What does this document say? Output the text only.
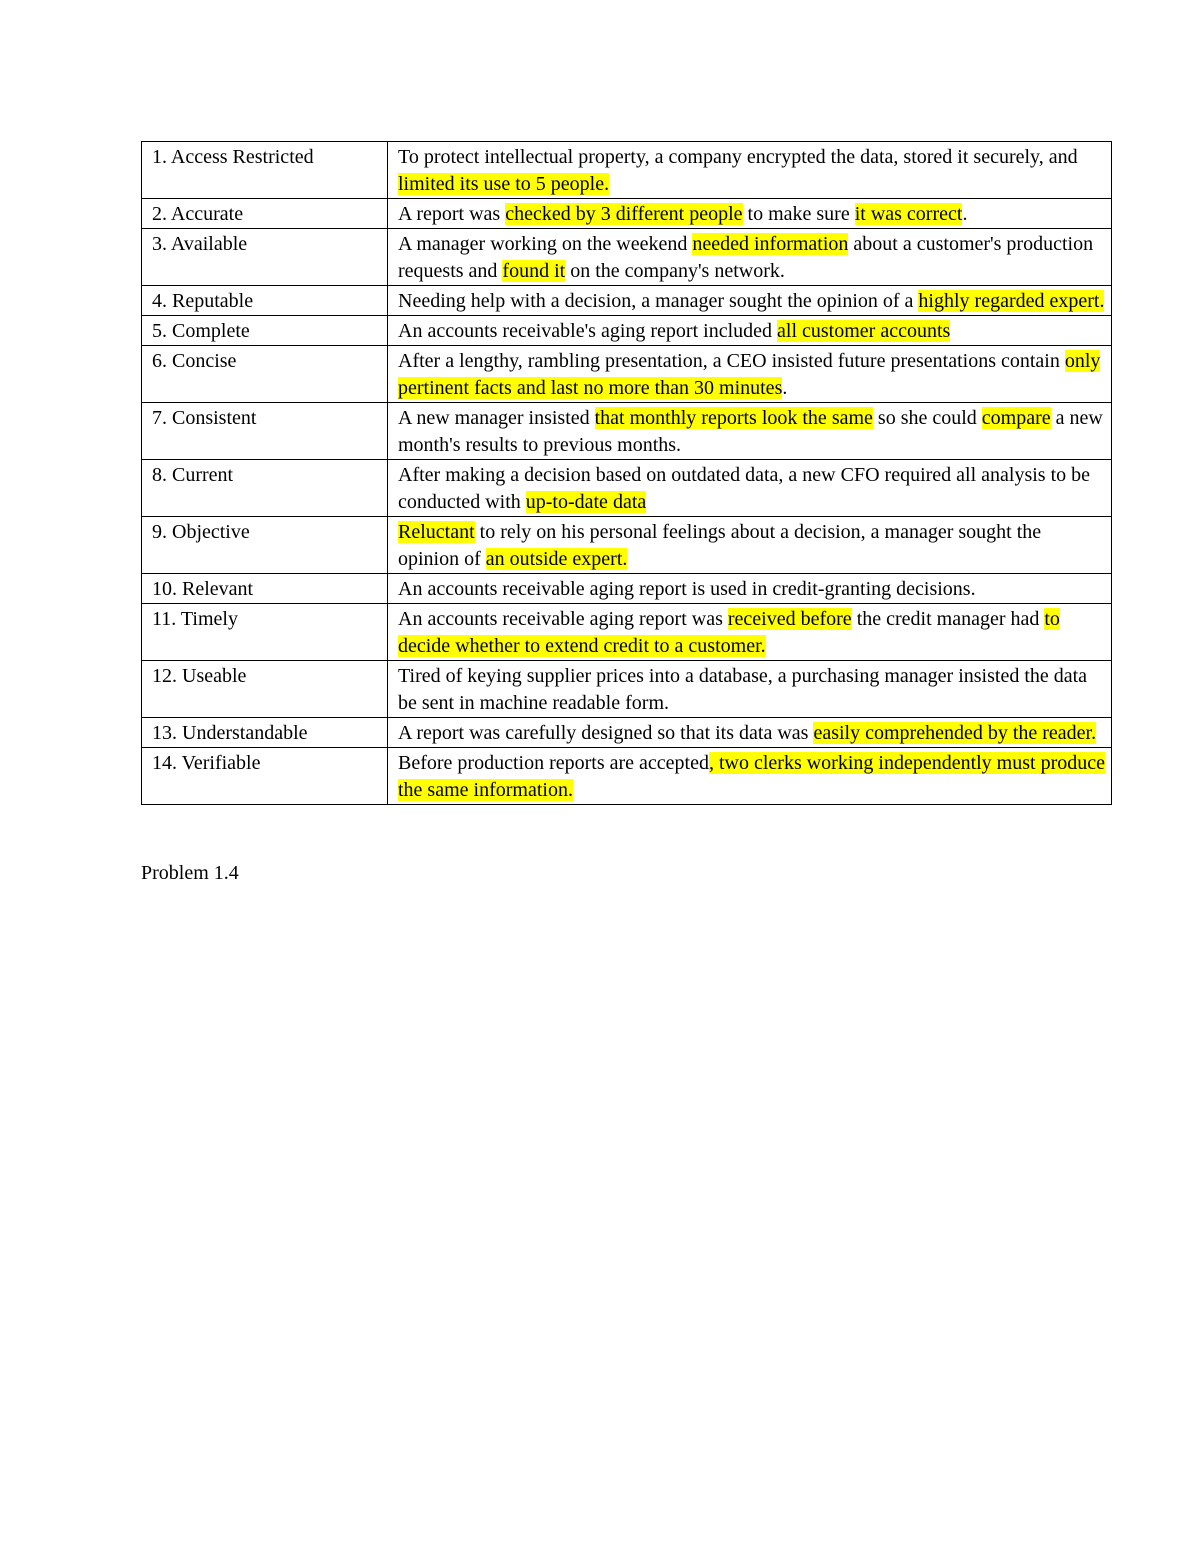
1. Access Restricted	To protect intellectual property, a company encrypted the data, stored it securely, and limited its use to 5 people.
2. Accurate	A report was checked by 3 different people to make sure it was correct.
3. Available	A manager working on the weekend needed information about a customer's production requests and found it on the company's network.
4. Reputable	Needing help with a decision, a manager sought the opinion of a highly regarded expert.
5. Complete	An accounts receivable's aging report included all customer accounts
6. Concise	After a lengthy, rambling presentation, a CEO insisted future presentations contain only pertinent facts and last no more than 30 minutes.
7. Consistent	A new manager insisted that monthly reports look the same so she could compare a new month's results to previous months.
8. Current	After making a decision based on outdated data, a new CFO required all analysis to be conducted with up-to-date data
9. Objective	Reluctant to rely on his personal feelings about a decision, a manager sought the opinion of an outside expert.
10. Relevant	An accounts receivable aging report is used in credit-granting decisions.
11. Timely	An accounts receivable aging report was received before the credit manager had to decide whether to extend credit to a customer.
12. Useable	Tired of keying supplier prices into a database, a purchasing manager insisted the data be sent in machine readable form.
13. Understandable	A report was carefully designed so that its data was easily comprehended by the reader.
14. Verifiable	Before production reports are accepted, two clerks working independently must produce the same information.
Problem 1.4
